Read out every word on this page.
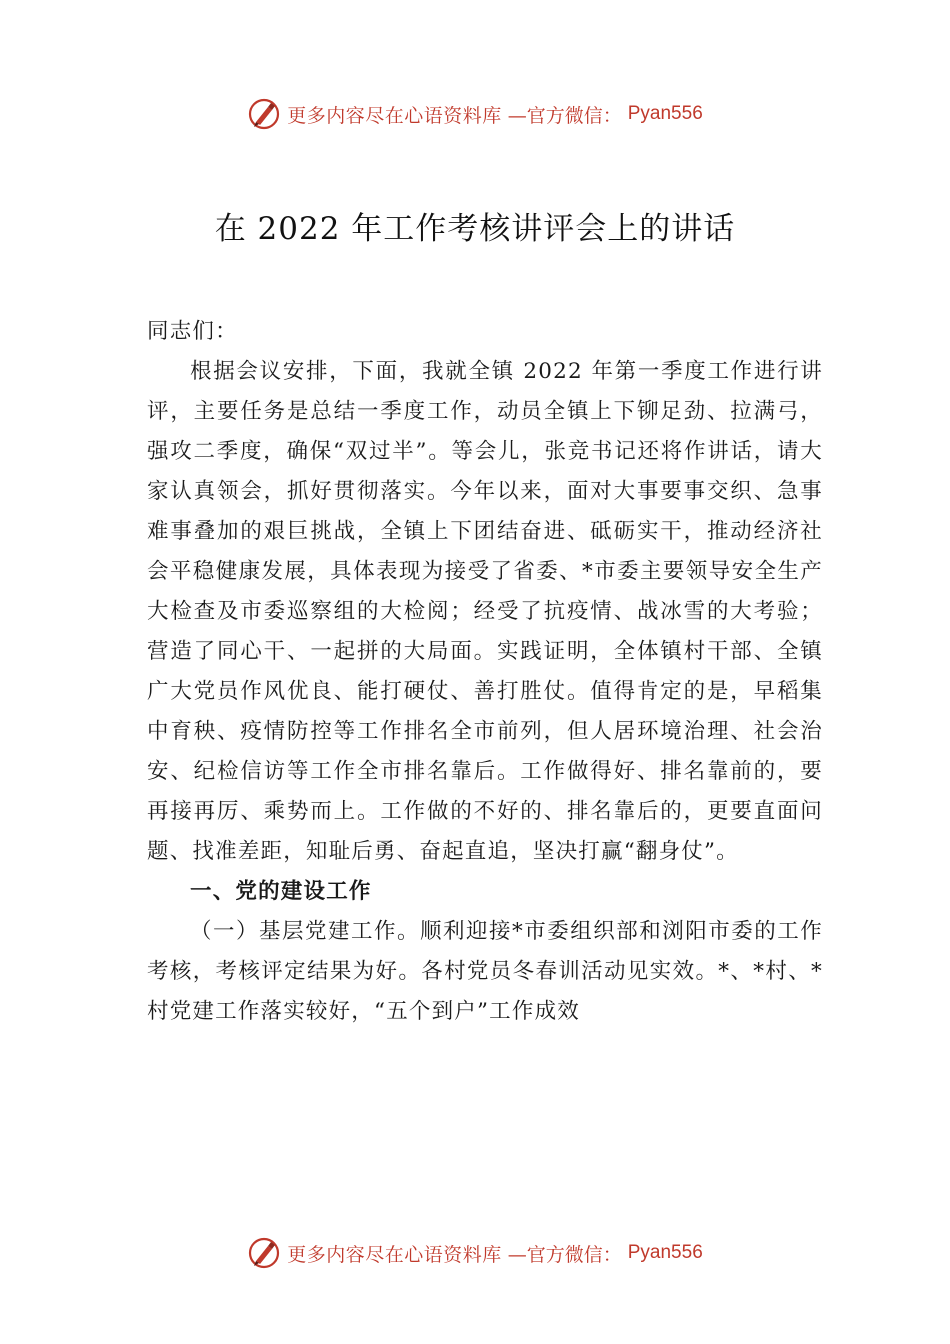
更多内容尽在心语资料库 —官方微信： Pyan556
在 2022 年工作考核讲评会上的讲话

同志们：

根据会议安排，下面，我就全镇 2022 年第一季度工作进行讲评，主要任务是总结一季度工作，动员全镇上下铆足劲、拉满弓，强攻二季度，确保“双过半”。等会儿，张竞书记还将作讲话，请大家认真领会，抓好贯彻落实。今年以来，面对大事要事交织、急事难事叠加的艰巨挑战，全镇上下团结奋进、砥砺实干，推动经济社会平稳健康发展，具体表现为接受了省委、*市委主要领导安全生产大检查及市委巡察组的大检阅；经受了抗疫情、战冰雪的大考验；营造了同心干、一起拼的大局面。实践证明，全体镇村干部、全镇广大党员作风优良、能打硬仗、善打胜仗。值得肯定的是，早稻集中育秧、疫情防控等工作排名全市前列，但人居环境治理、社会治安、纪检信访等工作全市排名靠后。工作做得好、排名靠前的，要再接再厉、乘势而上。工作做的不好的、排名靠后的，更要直面问题、找准差距，知耻后勇、奋起直追，坚决打赢“翻身仗”。

一、党的建设工作

（一）基层党建工作。顺利迎接*市委组织部和浏阳市委的工作考核，考核评定结果为好。各村党员冬春训活动见实效。*、*村、*村党建工作落实较好，“五个到户”工作成效

更多内容尽在心语资料库 —官方微信： Pyan556
